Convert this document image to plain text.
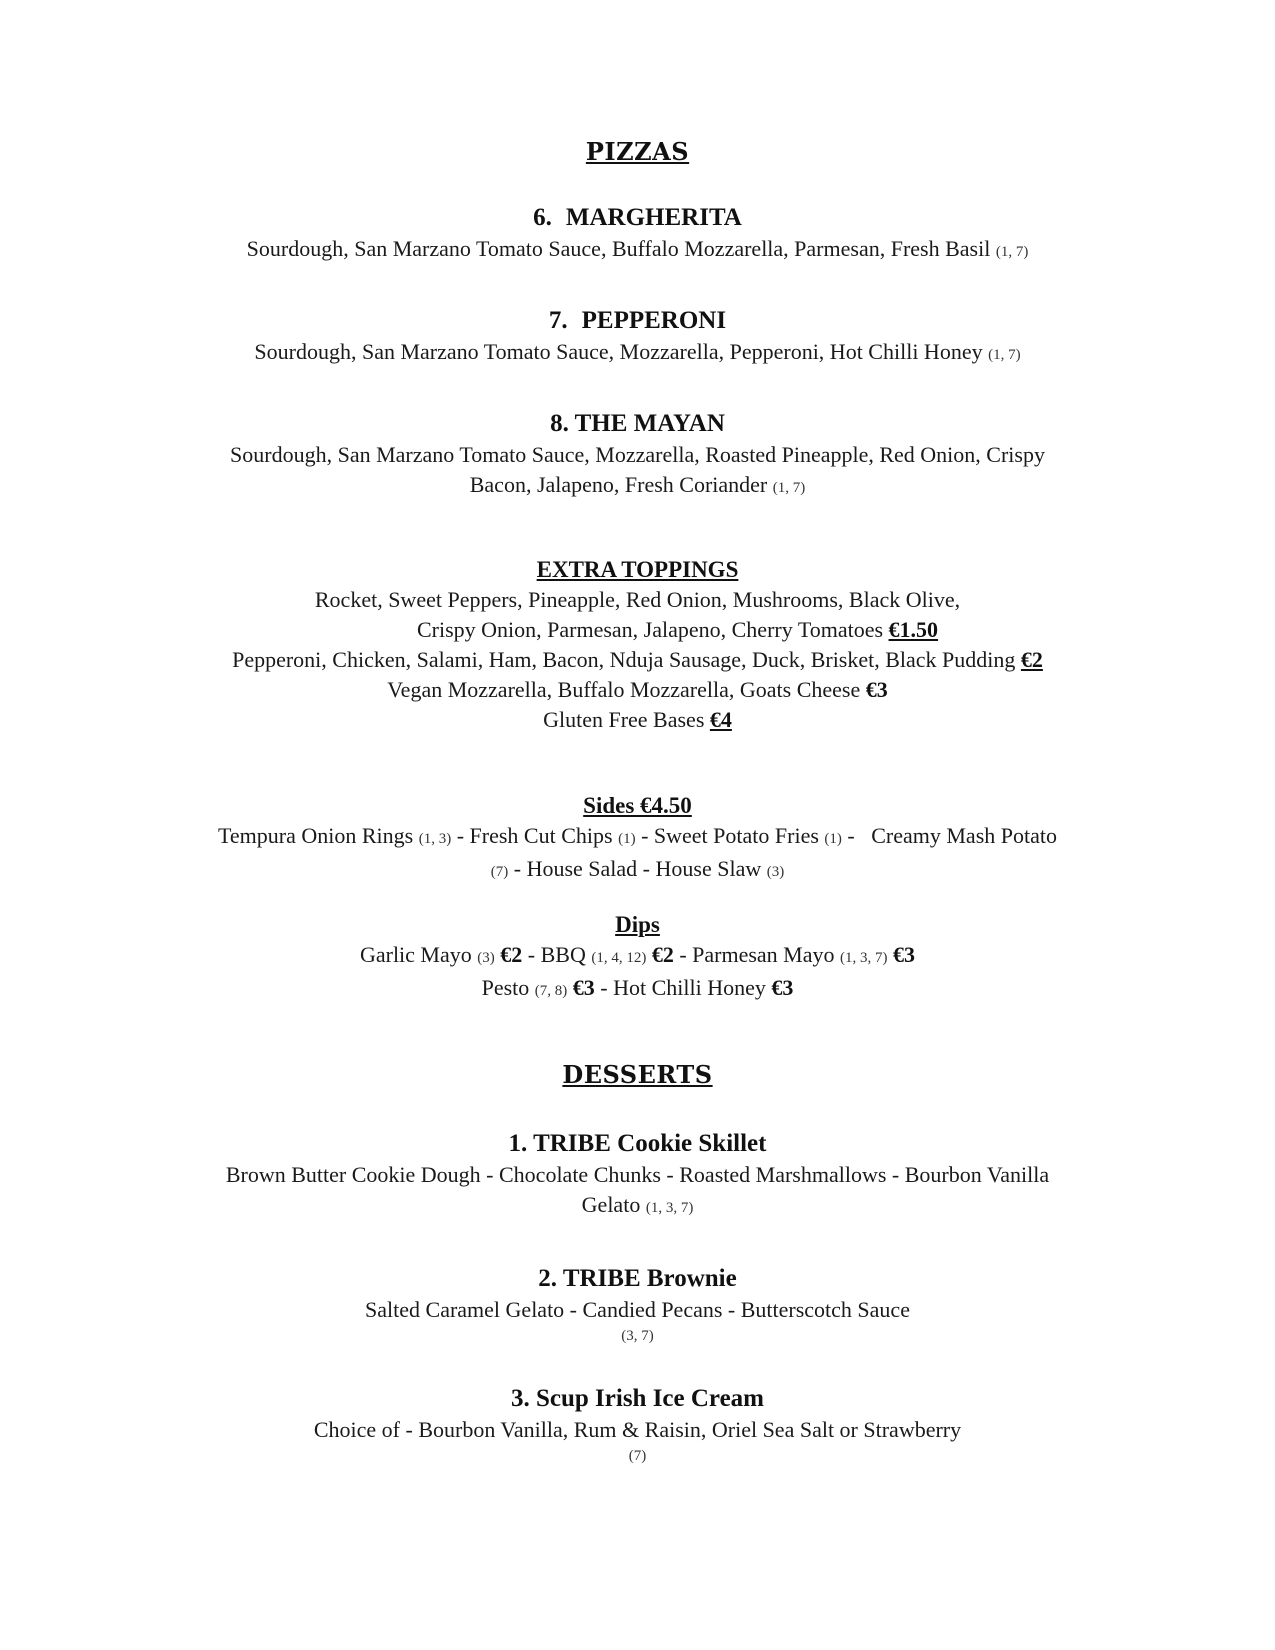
PIZZAS
6. MARGHERITA
Sourdough, San Marzano Tomato Sauce, Buffalo Mozzarella, Parmesan, Fresh Basil (1, 7)
7. PEPPERONI
Sourdough, San Marzano Tomato Sauce, Mozzarella, Pepperoni, Hot Chilli Honey (1, 7)
8. THE MAYAN
Sourdough, San Marzano Tomato Sauce, Mozzarella, Roasted Pineapple, Red Onion, Crispy
Bacon, Jalapeno, Fresh Coriander (1, 7)
EXTRA TOPPINGS
Rocket, Sweet Peppers, Pineapple, Red Onion, Mushrooms, Black Olive,
Crispy Onion, Parmesan, Jalapeno, Cherry Tomatoes €1.50
Pepperoni, Chicken, Salami, Ham, Bacon, Nduja Sausage, Duck, Brisket, Black Pudding €2
Vegan Mozzarella, Buffalo Mozzarella, Goats Cheese €3
Gluten Free Bases €4
Sides €4.50
Tempura Onion Rings (1, 3) - Fresh Cut Chips (1) - Sweet Potato Fries (1) -   Creamy Mash Potato
(7) - House Salad - House Slaw (3)
Dips
Garlic Mayo (3) €2 - BBQ (1, 4, 12) €2 - Parmesan Mayo (1, 3, 7) €3
Pesto (7, 8) €3 - Hot Chilli Honey €3
DESSERTS
1. TRIBE Cookie Skillet
Brown Butter Cookie Dough - Chocolate Chunks - Roasted Marshmallows - Bourbon Vanilla
Gelato (1, 3, 7)
2. TRIBE Brownie
Salted Caramel Gelato - Candied Pecans - Butterscotch Sauce
(3, 7)
3. Scup Irish Ice Cream
Choice of - Bourbon Vanilla, Rum & Raisin, Oriel Sea Salt or Strawberry
(7)
